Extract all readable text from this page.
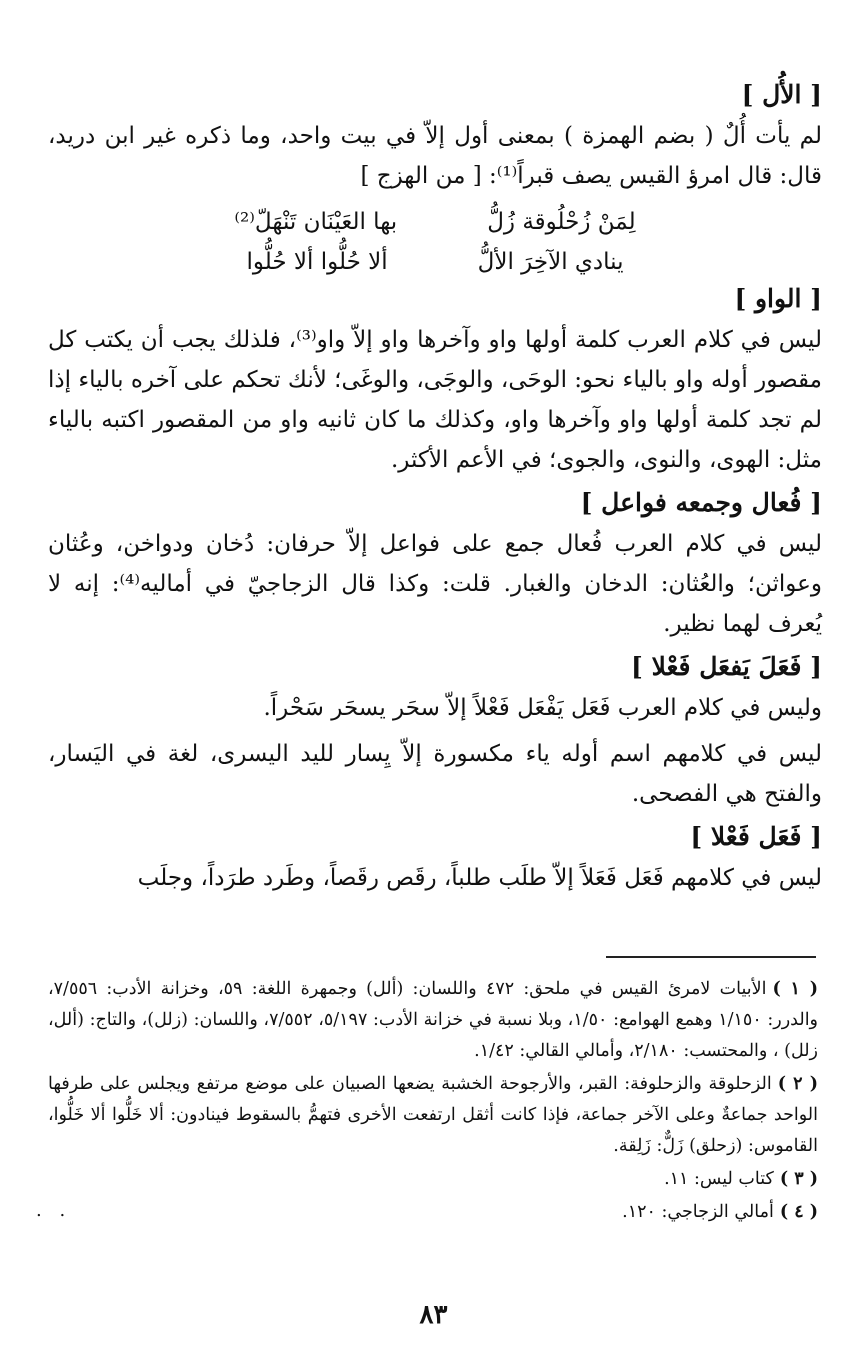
[ الأُل ]
لم يأت أُلٌ ( بضم الهمزة ) بمعنى أول إلاّ في بيت واحد، وما ذكره غير ابن دريد، قال: قال امرؤ القيس يصف قبراً⁽¹⁾: [ من الهزج ]
لِمَنْ زُحْلُوقة زُلُّ
بها العَيْنَان تَنْهَلّ⁽²⁾
ينادي الآخِرَ الألُّ
ألا حُلُّوا ألا حُلُّوا
[ الواو ]
ليس في كلام العرب كلمة أولها واو وآخرها واو إلاّ واو⁽³⁾، فلذلك يجب أن يكتب كل مقصور أوله واو بالياء نحو: الوحَى، والوجَى، والوغَى؛ لأنك تحكم على آخره بالياء إذا لم تجد كلمة أولها واو وآخرها واو، وكذلك ما كان ثانيه واو من المقصور اكتبه بالياء مثل: الهوى، والنوى، والجوى؛ في الأعم الأكثر.
[ فُعال وجمعه فواعل ]
ليس في كلام العرب فُعال جمع على فواعل إلاّ حرفان: دُخان ودواخن، وعُثان وعواثن؛ والعُثان: الدخان والغبار. قلت: وكذا قال الزجاجيّ في أماليه⁽⁴⁾: إنه لا يُعرف لهما نظير.
[ فَعَلَ يَفعَل فَعْلا ]
وليس في كلام العرب فَعَل يَفْعَل فَعْلاً إلاّ سحَر يسحَر سَحْراً.
ليس في كلامهم اسم أوله ياء مكسورة إلاّ يِسار لليد اليسرى، لغة في اليَسار، والفتح هي الفصحى.
[ فَعَل فَعْلا ]
ليس في كلامهم فَعَل فَعَلاً إلاّ طلَب طلباً، رقَص رقَصاً، وطَرد طرَداً، وجلَب
( ١ )الأبيات لامرئ القيس في ملحق: ٤٧٢ واللسان: (ألل) وجمهرة اللغة: ٥٩، وخزانة الأدب: ٧/٥٥٦، والدرر: ١/١٥٠ وهمع الهوامع: ١/٥٠، وبلا نسبة في خزانة الأدب: ٥/١٩٧، ٧/٥٥٢، واللسان: (زلل)، والتاج: (ألل، زلل) ، والمحتسب: ٢/١٨٠، وأمالي القالي: ١/٤٢.
( ٢ )الزحلوقة والزحلوفة: القبر، والأرجوحة الخشبة يضعها الصبيان على موضع مرتفع ويجلس على طرفها الواحد جماعةٌ وعلى الآخر جماعة، فإذا كانت أثقل ارتفعت الأخرى فتهمُّ بالسقوط فينادون: ألا خَلُّوا ألا خَلُّوا، القاموس: (زحلق) زَلٌّ: زَلِقة.
( ٣ )كتاب ليس: ١١.
( ٤ )أمالي الزجاجي: ١٢٠.
. .
٨٣
